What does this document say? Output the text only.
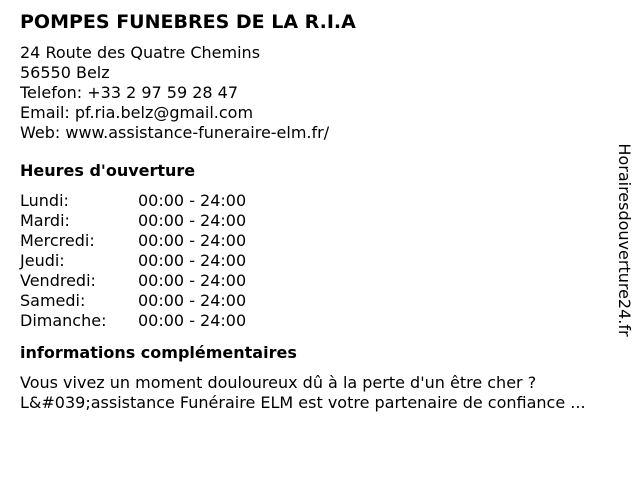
POMPES FUNEBRES DE LA R.I.A
24 Route des Quatre Chemins
56550 Belz
Telefon: +33 2 97 59 28 47
Email: pf.ria.belz@gmail.com
Web: www.assistance-funeraire-elm.fr/
Heures d'ouverture
Lundi:	00:00 - 24:00
Mardi:	00:00 - 24:00
Mercredi:	00:00 - 24:00
Jeudi:	00:00 - 24:00
Vendredi:	00:00 - 24:00
Samedi:	00:00 - 24:00
Dimanche:	00:00 - 24:00
informations complémentaires
Vous vivez un moment douloureux dû à la perte d'un être cher ? L&#039;assistance Funéraire ELM est votre partenaire de confiance ...
Horairesdouverture24.fr
